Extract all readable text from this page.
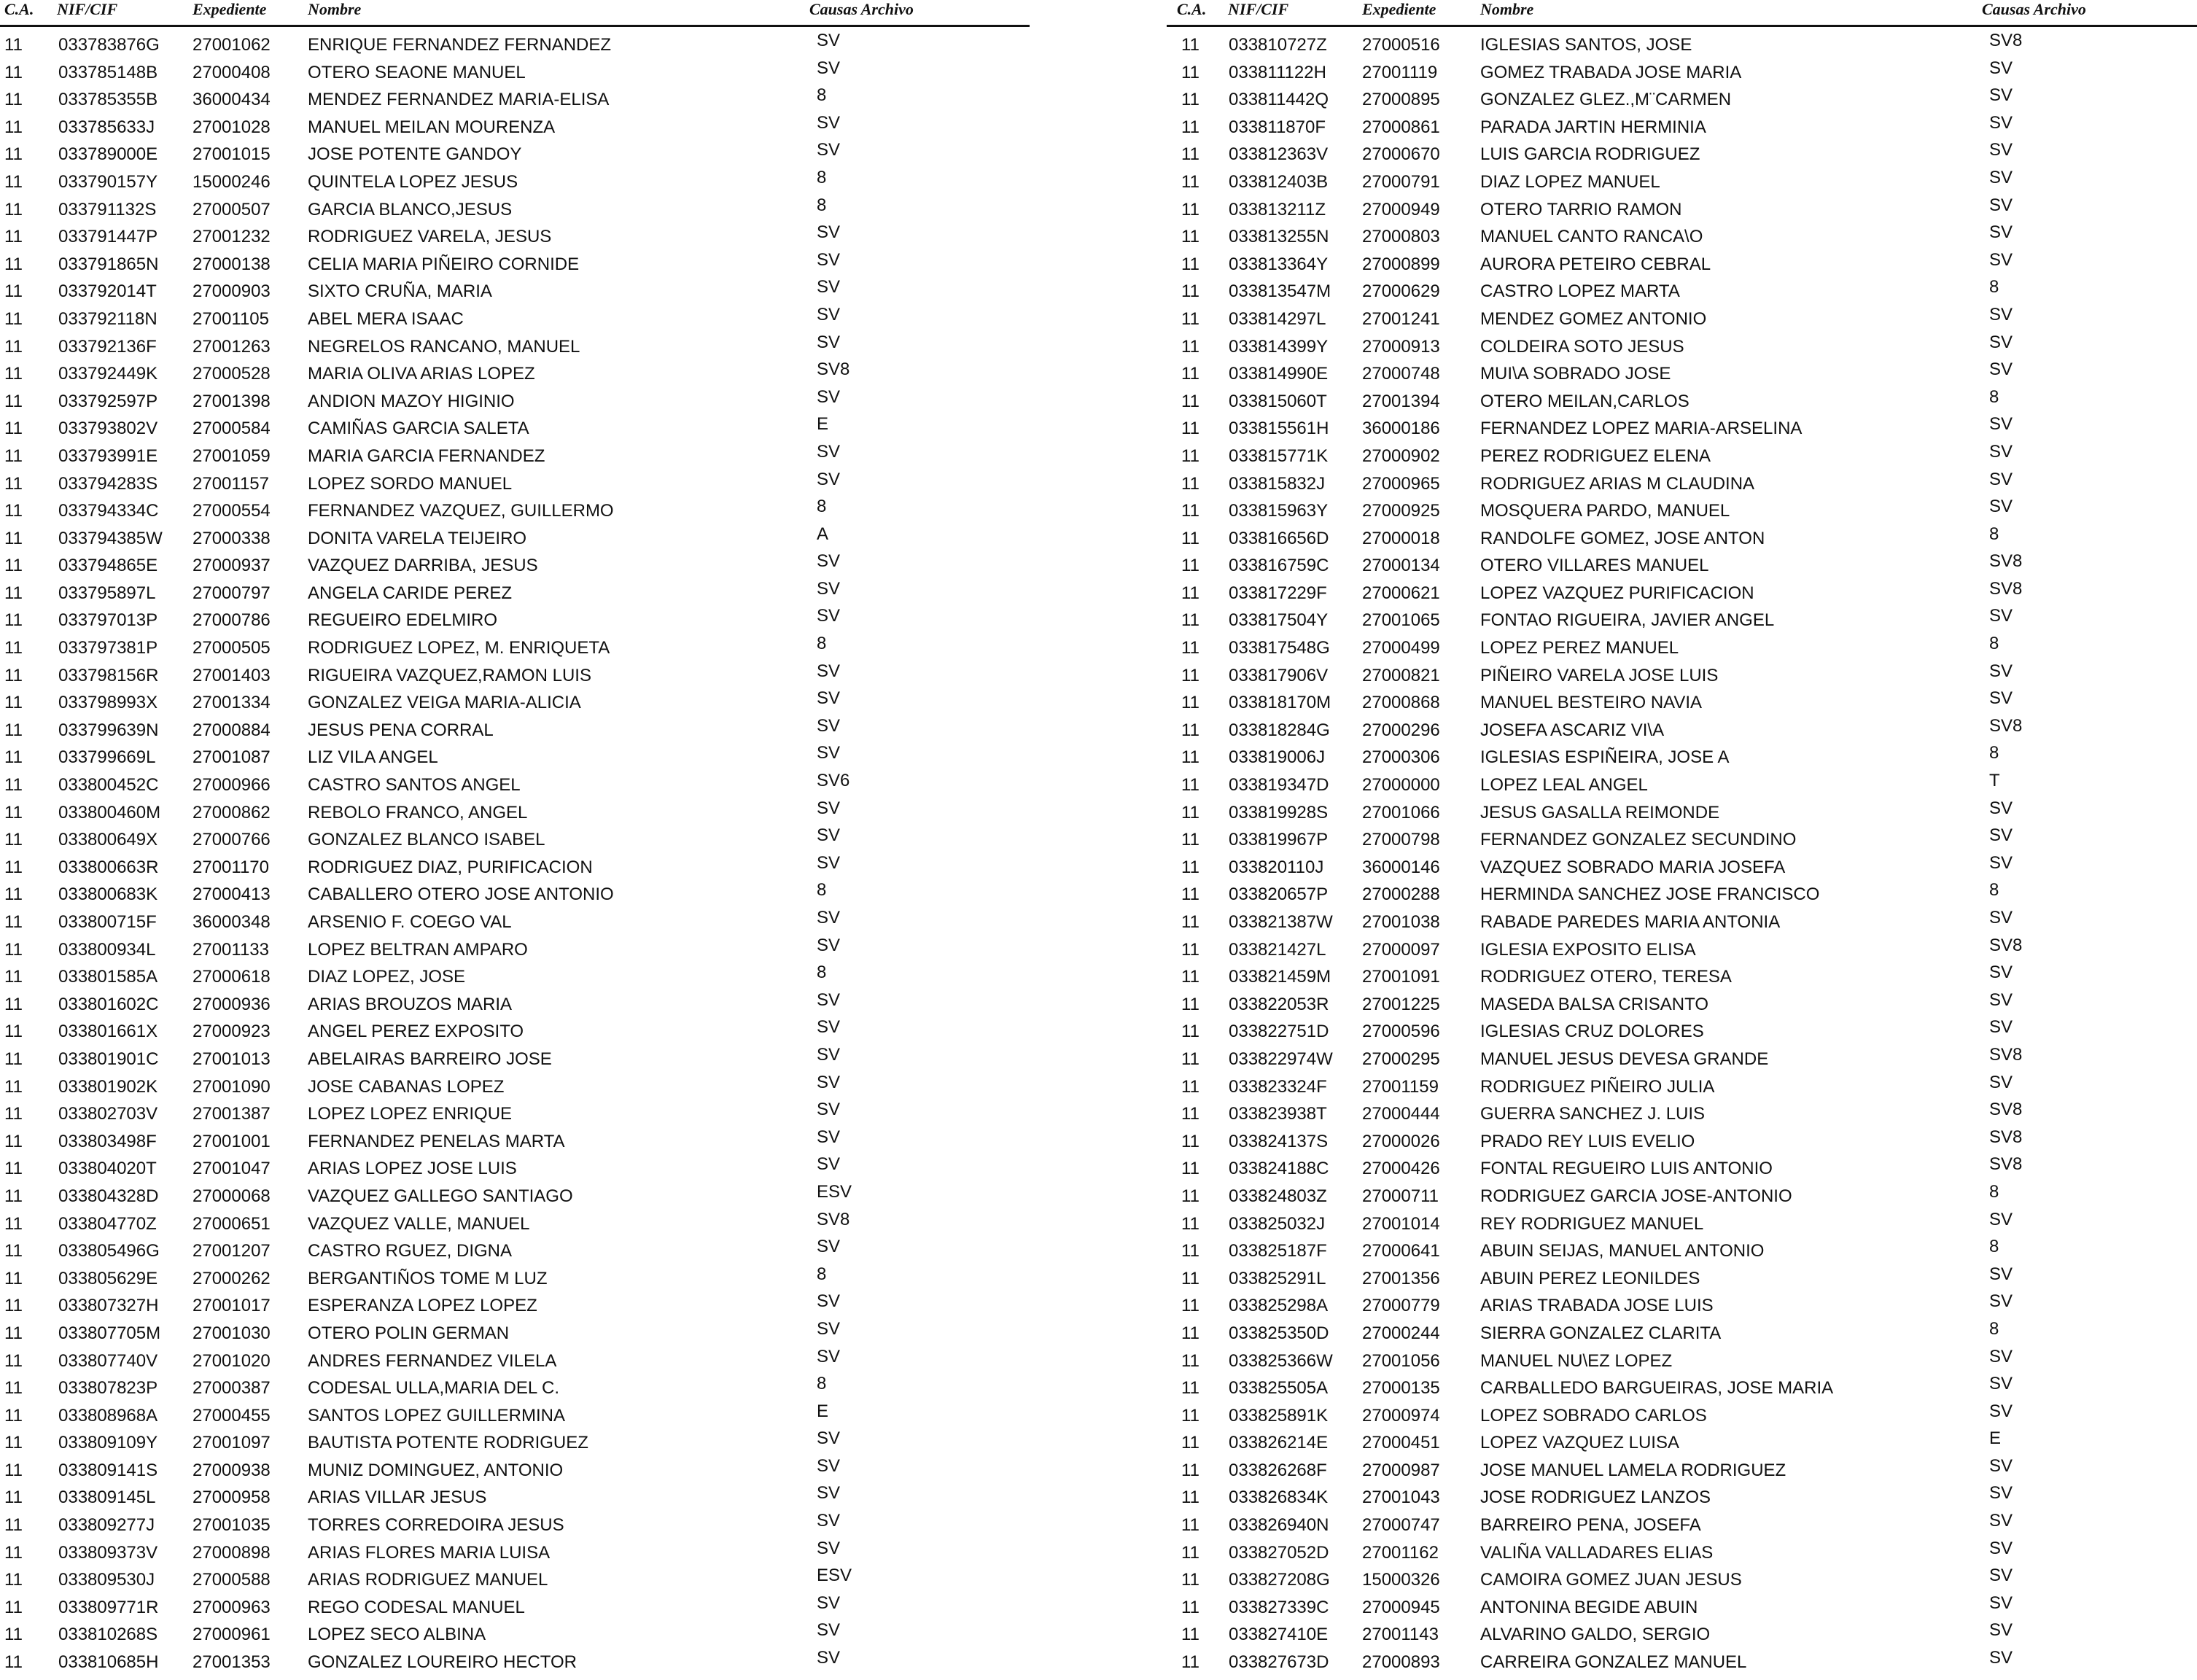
C.A. NIF/CIF	Expediente	Nombre	Causas Archivo
11 033783876G 27001062 ENRIQUE FERNANDEZ FERNANDEZ	SV
11 033785148B 27000408 OTERO SEAONE MANUEL	SV
11 033785355B 36000434 MENDEZ FERNANDEZ MARIA-ELISA	8
11 033785633J 27001028 MANUEL MEILAN MOURENZA	SV
11 033789000E 27001015 JOSE POTENTE GANDOY	SV
11 033790157Y 15000246 QUINTELA LOPEZ JESUS	8
11 033791132S 27000507 GARCIA BLANCO,JESUS	8
11 033791447P 27001232 RODRIGUEZ VARELA, JESUS	SV
11 033791865N 27000138 CELIA MARIA PIÑEIRO CORNIDE	SV
11 033792014T 27000903 SIXTO CRUÑA, MARIA	SV
11 033792118N 27001105 ABEL MERA ISAAC	SV
11 033792136F 27001263 NEGRELOS RANCANO, MANUEL	SV
11 033792449K 27000528 MARIA OLIVA ARIAS LOPEZ	SV8
11 033792597P 27001398 ANDION MAZOY HIGINIO	SV
11 033793802V 27000584 CAMIÑAS GARCIA SALETA	E
11 033793991E 27001059 MARIA GARCIA FERNANDEZ	SV
11 033794283S 27001157 LOPEZ SORDO MANUEL	SV
11 033794334C 27000554 FERNANDEZ VAZQUEZ, GUILLERMO	8
11 033794385W 27000338 DONITA VARELA TEIJEIRO	A
11 033794865E 27000937 VAZQUEZ DARRIBA, JESUS	SV
11 033795897L 27000797 ANGELA CARIDE PEREZ	SV
11 033797013P 27000786 REGUEIRO EDELMIRO	SV
11 033797381P 27000505 RODRIGUEZ LOPEZ, M. ENRIQUETA	8
11 033798156R 27001403 RIGUEIRA VAZQUEZ,RAMON LUIS	SV
11 033798993X 27001334 GONZALEZ VEIGA MARIA-ALICIA	SV
11 033799639N 27000884 JESUS PENA CORRAL	SV
11 033799669L 27001087 LIZ VILA ANGEL	SV
11 033800452C 27000966 CASTRO SANTOS ANGEL	SV6
11 033800460M 27000862 REBOLO FRANCO, ANGEL	SV
11 033800649X 27000766 GONZALEZ BLANCO ISABEL	SV
11 033800663R 27001170 RODRIGUEZ DIAZ, PURIFICACION	SV
11 033800683K 27000413 CABALLERO OTERO JOSE ANTONIO	8
11 033800715F 36000348 ARSENIO F. COEGO VAL	SV
11 033800934L 27001133 LOPEZ BELTRAN AMPARO	SV
11 033801585A 27000618 DIAZ LOPEZ, JOSE	8
11 033801602C 27000936 ARIAS BROUZOS MARIA	SV
11 033801661X 27000923 ANGEL PEREZ EXPOSITO	SV
11 033801901C 27001013 ABELAIRAS BARREIRO JOSE	SV
11 033801902K 27001090 JOSE CABANAS LOPEZ	SV
11 033802703V 27001387 LOPEZ LOPEZ ENRIQUE	SV
11 033803498F 27001001 FERNANDEZ PENELAS MARTA	SV
11 033804020T 27001047 ARIAS LOPEZ JOSE LUIS	SV
11 033804328D 27000068 VAZQUEZ GALLEGO SANTIAGO	ESV
11 033804770Z 27000651 VAZQUEZ VALLE, MANUEL	SV8
11 033805496G 27001207 CASTRO RGUEZ, DIGNA	SV
11 033805629E 27000262 BERGANTIÑOS TOME M LUZ	8
11 033807327H 27001017 ESPERANZA LOPEZ LOPEZ	SV
11 033807705M 27001030 OTERO POLIN GERMAN	SV
11 033807740V 27001020 ANDRES FERNANDEZ VILELA	SV
11 033807823P 27000387 CODESAL ULLA,MARIA DEL C.	8
11 033808968A 27000455 SANTOS LOPEZ GUILLERMINA	E
11 033809109Y 27001097 BAUTISTA POTENTE RODRIGUEZ	SV
11 033809141S 27000938 MUNIZ DOMINGUEZ, ANTONIO	SV
11 033809145L 27000958 ARIAS VILLAR JESUS	SV
11 033809277J 27001035 TORRES CORREDOIRA JESUS	SV
11 033809373V 27000898 ARIAS FLORES MARIA LUISA	SV
11 033809530J 27000588 ARIAS RODRIGUEZ MANUEL	ESV
11 033809771R 27000963 REGO CODESAL MANUEL	SV
11 033810268S 27000961 LOPEZ SECO ALBINA	SV
11 033810685H 27001353 GONZALEZ LOUREIRO HECTOR	SV
C.A. NIF/CIF	Expediente	Nombre	Causas Archivo
11 033810727Z 27000516 IGLESIAS SANTOS, JOSE	SV8
11 033811122H 27001119 GOMEZ TRABADA JOSE MARIA	SV
11 033811442Q 27000895 GONZALEZ GLEZ.,M¨CARMEN	SV
11 033811870F 27000861 PARADA JARTIN HERMINIA	SV
11 033812363V 27000670 LUIS GARCIA RODRIGUEZ	SV
11 033812403B 27000791 DIAZ LOPEZ MANUEL	SV
11 033813211Z 27000949 OTERO TARRIO RAMON	SV
11 033813255N 27000803 MANUEL CANTO RANCA\O	SV
11 033813364Y 27000899 AURORA PETEIRO CEBRAL	SV
11 033813547M 27000629 CASTRO LOPEZ MARTA	8
11 033814297L 27001241 MENDEZ GOMEZ ANTONIO	SV
11 033814399Y 27000913 COLDEIRA SOTO JESUS	SV
11 033814990E 27000748 MUI\A SOBRADO JOSE	SV
11 033815060T 27001394 OTERO MEILAN,CARLOS	8
11 033815561H 36000186 FERNANDEZ LOPEZ MARIA-ARSELINA	SV
11 033815771K 27000902 PEREZ RODRIGUEZ ELENA	SV
11 033815832J 27000965 RODRIGUEZ ARIAS M CLAUDINA	SV
11 033815963Y 27000925 MOSQUERA PARDO, MANUEL	SV
11 033816656D 27000018 RANDOLFE GOMEZ, JOSE ANTON	8
11 033816759C 27000134 OTERO VILLARES MANUEL	SV8
11 033817229F 27000621 LOPEZ VAZQUEZ PURIFICACION	SV8
11 033817504Y 27001065 FONTAO RIGUEIRA, JAVIER ANGEL	SV
11 033817548G 27000499 LOPEZ PEREZ MANUEL	8
11 033817906V 27000821 PIÑEIRO VARELA JOSE LUIS	SV
11 033818170M 27000868 MANUEL BESTEIRO NAVIA	SV
11 033818284G 27000296 JOSEFA ASCARIZ VI\A	SV8
11 033819006J 27000306 IGLESIAS ESPIÑEIRA, JOSE A	8
11 033819347D 27000000 LOPEZ LEAL ANGEL	T
11 033819928S 27001066 JESUS GASALLA REIMONDE	SV
11 033819967P 27000798 FERNANDEZ GONZALEZ SECUNDINO	SV
11 033820110J 36000146 VAZQUEZ SOBRADO MARIA JOSEFA	SV
11 033820657P 27000288 HERMINDA SANCHEZ JOSE FRANCISCO	8
11 033821387W 27001038 RABADE PAREDES MARIA ANTONIA	SV
11 033821427L 27000097 IGLESIA EXPOSITO ELISA	SV8
11 033821459M 27001091 RODRIGUEZ OTERO, TERESA	SV
11 033822053R 27001225 MASEDA BALSA CRISANTO	SV
11 033822751D 27000596 IGLESIAS CRUZ DOLORES	SV
11 033822974W 27000295 MANUEL JESUS DEVESA GRANDE	SV8
11 033823324F 27001159 RODRIGUEZ PIÑEIRO JULIA	SV
11 033823938T 27000444 GUERRA SANCHEZ J. LUIS	SV8
11 033824137S 27000026 PRADO REY LUIS EVELIO	SV8
11 033824188C 27000426 FONTAL REGUEIRO LUIS ANTONIO	SV8
11 033824803Z 27000711 RODRIGUEZ GARCIA JOSE-ANTONIO	8
11 033825032J 27001014 REY RODRIGUEZ MANUEL	SV
11 033825187F 27000641 ABUIN SEIJAS, MANUEL ANTONIO	8
11 033825291L 27001356 ABUIN PEREZ LEONILDES	SV
11 033825298A 27000779 ARIAS TRABADA JOSE LUIS	SV
11 033825350D 27000244 SIERRA GONZALEZ CLARITA	8
11 033825366W 27001056 MANUEL NU\EZ LOPEZ	SV
11 033825505A 27000135 CARBALLEDO BARGUEIRAS, JOSE MARIA	SV
11 033825891K 27000974 LOPEZ SOBRADO CARLOS	SV
11 033826214E 27000451 LOPEZ VAZQUEZ LUISA	E
11 033826268F 27000987 JOSE MANUEL LAMELA RODRIGUEZ	SV
11 033826834K 27001043 JOSE RODRIGUEZ LANZOS	SV
11 033826940N 27000747 BARREIRO PENA, JOSEFA	SV
11 033827052D 27001162 VALIÑA VALLADARES ELIAS	SV
11 033827208G 15000326 CAMOIRA GOMEZ JUAN JESUS	SV
11 033827339C 27000945 ANTONINA BEGIDE ABUIN	SV
11 033827410E 27001143 ALVARINO GALDO, SERGIO	SV
11 033827673D 27000893 CARREIRA GONZALEZ MANUEL	SV
